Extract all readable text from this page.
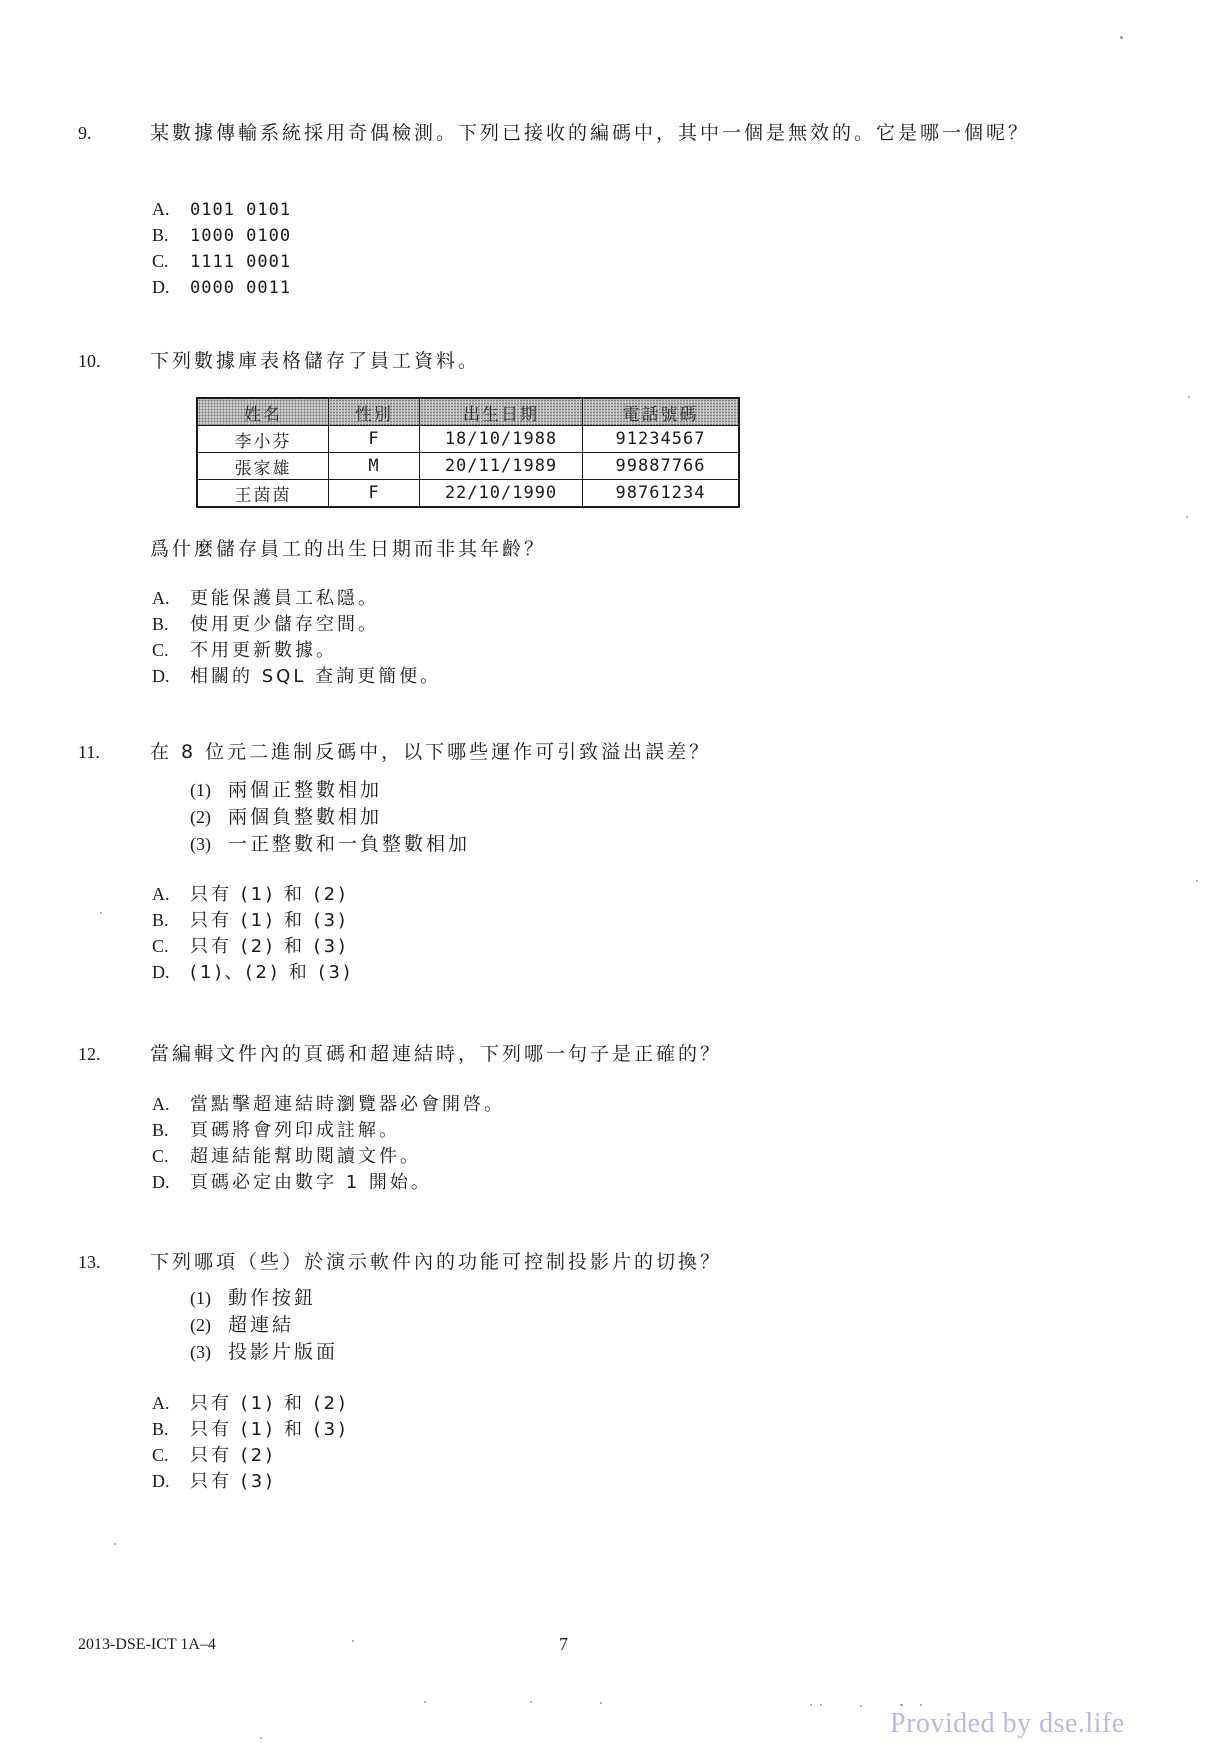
9.	某數據傳輸系統採用奇偶檢測。下列已接收的編碼中，其中一個是無效的。它是哪一個呢？
A. 0101 0101
B. 1000 0100
C. 1111 0001
D. 0000 0011
10.	下列數據庫表格儲存了員工資料。
姓名	性別	出生日期	電話號碼
李小芬	F	18/10/1988	91234567
張家雄	M	20/11/1989	99887766
王茵茵	F	22/10/1990	98761234
爲什麼儲存員工的出生日期而非其年齡？
A. 更能保護員工私隱。
B. 使用更少儲存空間。
C. 不用更新數據。
D. 相關的 SQL 查詢更簡便。
11.	在 8 位元二進制反碼中，以下哪些運作可引致溢出誤差？
(1) 兩個正整數相加
(2) 兩個負整數相加
(3) 一正整數和一負整數相加
A. 只有 (1) 和 (2)
B. 只有 (1) 和 (3)
C. 只有 (2) 和 (3)
D. (1)、(2) 和 (3)
12.	當編輯文件內的頁碼和超連結時，下列哪一句子是正確的？
A. 當點擊超連結時瀏覽器必會開啓。
B. 頁碼將會列印成註解。
C. 超連結能幫助閱讀文件。
D. 頁碼必定由數字 1 開始。
13.	下列哪項（些）於演示軟件內的功能可控制投影片的切換？
(1) 動作按鈕
(2) 超連結
(3) 投影片版面
A. 只有 (1) 和 (2)
B. 只有 (1) 和 (3)
C. 只有 (2)
D. 只有 (3)
2013-DSE-ICT 1A–4	7
Provided by dse.life
